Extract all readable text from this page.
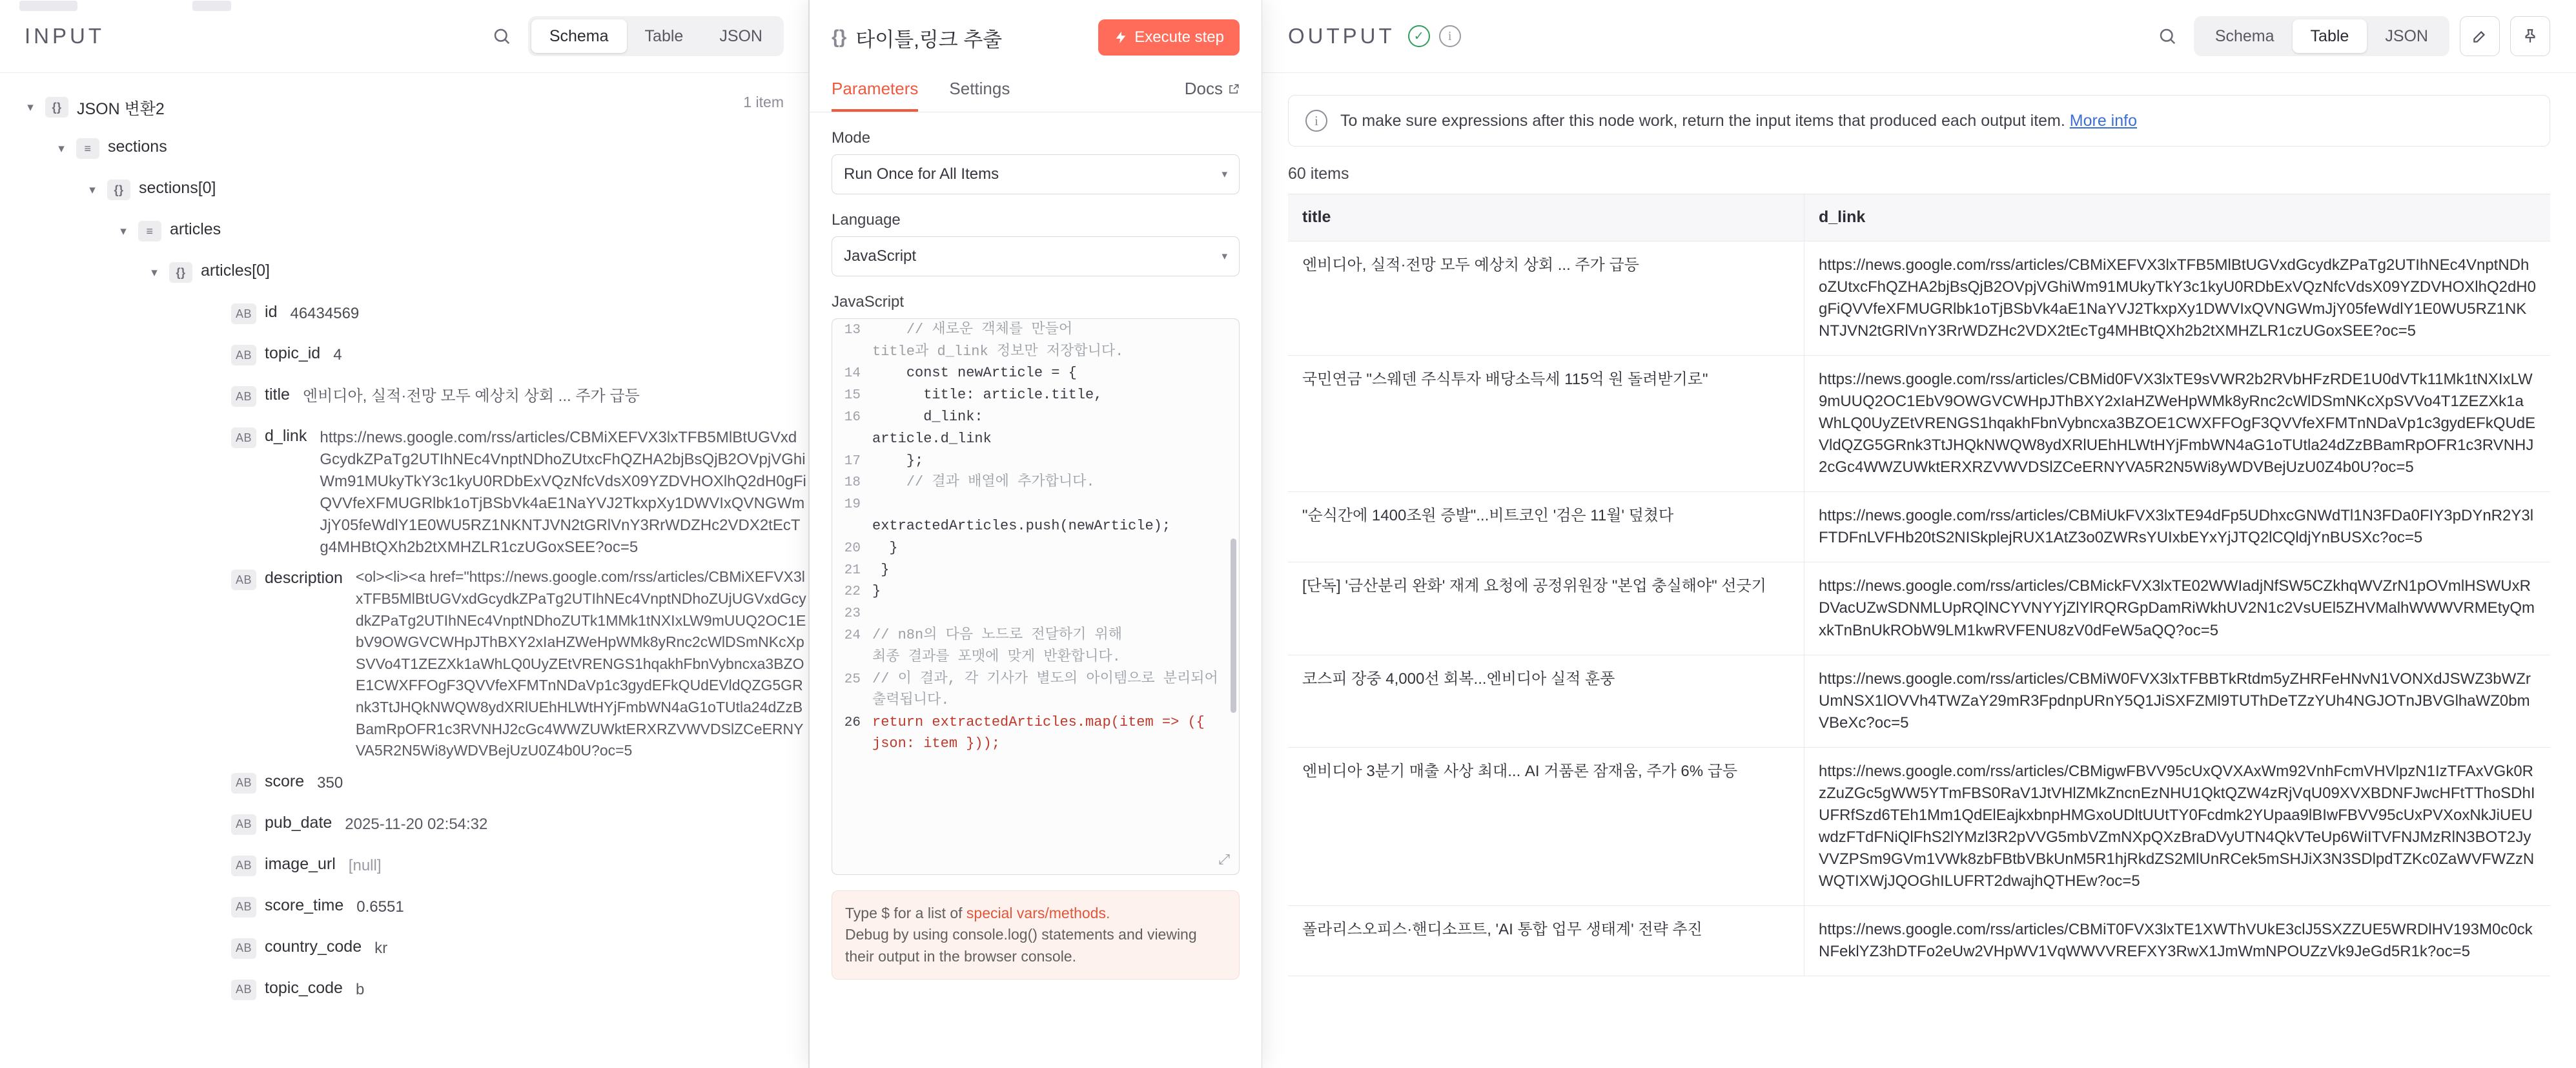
INPUT	Schema	Table	JSON
▾	{} JSON 변환2	1 item
▾	≡	sections
▾	{} sections[0]
▾	≡	articles
▾	{} articles[0]
AB id 46434569
AB topic_id 4
AB title 엔비디아, 실적·전망 모두 예상치 상회 ... 주가 급등
AB d_link https://news.google.com/rss/articles/CBMiXEFVX3lxTFB5MlBtUGVxdGcydkZPaTg2UTIhNEc4VnptNDhoZUtxcFhQZHA2bjBsQjB2OVpjVGhiWm91MUkyTkY3c1kyU0RDbExVQzNfcVdsX09YZDVHOXlhQ2dH0gFiQVVfeXFMUGRlbk1oTjBSbVk4aE1NaYVJ2TkxpXy1DWVIxQVNGWmJjY05feWdlY1E0WU5RZ1NKNTJVN2tGRlVnY3RrWDZHc2VDX2tEcTg4MHBtQXh2b2tXMHZLR1czUGoxSEE?oc=5
AB description <ol><li><a href="https://news.google.com/rss/articles/CBMiXEFVX3lxTFB5MlBtUGVxdGcydkZPaTg2UTIhNEc4VnptNDhoZUjUGVxdGcydkZPaTg2UTIhNEc4VnptNDhoZUTk1MMk1tNXIxLW9mUUQ2OC1EbV9OWGVCWHpJThBXY2xIaHZWeHpWMk8yRnc2cWlDSmNKcXpSVVo4T1ZEZXk1aWhLQ0UyZEtVRENGS1hqakhFbnVybncxa3BZOE1CWXFFOgF3QVVfeXFMTnNDaVp1c3gydEFkQUdEVldQZG5GRnk3TtJHQkNWQW8ydXRlUEhHLWtHYjFmbWN4aG1oTUtla24dZzBBamRpOFR1c3RVNHJ2cGc4WWZUWktERXRZVWVDSlZCeERNYVA5R2N5Wi8yWDVBejUzU0Z4b0U?oc=5
AB score 350
AB pub_date 2025-11-20 02:54:32
AB image_url [null]
AB score_time 0.6551
AB country_code kr
AB topic_code b
{} 타이틀,링크 추출	Execute step
Parameters Settings	Docs
Mode
Run Once for All Items	▾
Language
JavaScript	▾
JavaScript
13 // 새로운 객체를 만들어
title과 d_link 정보만 저장합니다.
14 const newArticle = {
15 title: article.title,
16 d_link:
article.d_link
17 };
18 // 결과 배열에 추가합니다.
19
extractedArticles.push(newArticle);
20 }
21 }
22 }
23
24 // n8n의 다음 노드로 전달하기 위해
최종 결과를 포맷에 맞게 반환합니다.
25 // 이 결과, 각 기사가 별도의 아이템으로 분리되어 출력됩니다.
26 return extractedArticles.map(item => ({ json: item }));
⤢
Type $ for a list of special vars/methods.
Debug by using console.log() statements and viewing their output in the browser console.
OUTPUT	✓	i	Schema	Table	JSON
i	To make sure expressions after this node work, return the input items that produced each output item. More info
60 items
title	d_link
엔비디아, 실적·전망 모두 예상치 상회 ... 주가 급등	https://news.google.com/rss/articles/CBMiXEFVX3lxTFB5MlBtUGVxdGcydkZPaTg2UTIhNEc4VnptNDhoZUtxcFhQZHA2bjBsQjB2OVpjVGhiWm91MUkyTkY3c1kyU0RDbExVQzNfcVdsX09YZDVHOXlhQ2dH0gFiQVVfeXFMUGRlbk1oTjBSbVk4aE1NaYVJ2TkxpXy1DWVIxQVNGWmJjY05feWdlY1E0WU5RZ1NKNTJVN2tGRlVnY3RrWDZHc2VDX2tEcTg4MHBtQXh2b2tXMHZLR1czUGoxSEE?oc=5
국민연금 "스웨덴 주식투자 배당소득세 115억 원 돌려받기로"	https://news.google.com/rss/articles/CBMid0FVX3lxTE9sVWR2b2RVbHFzRDE1U0dVTk11Mk1tNXIxLW9mUUQ2OC1EbV9OWGVCWHpJThBXY2xIaHZWeHpWMk8yRnc2cWlDSmNKcXpSVVo4T1ZEZXk1aWhLQ0UyZEtVRENGS1hqakhFbnVybncxa3BZOE1CWXFFOgF3QVVfeXFMTnNDaVp1c3gydEFkQUdEVldQZG5GRnk3TtJHQkNWQW8ydXRlUEhHLWtHYjFmbWN4aG1oTUtla24dZzBBamRpOFR1c3RVNHJ2cGc4WWZUWktERXRZVWVDSlZCeERNYVA5R2N5Wi8yWDVBejUzU0Z4b0U?oc=5
"순식간에 1400조원 증발"...비트코인 '검은 11월' 덮쳤다	https://news.google.com/rss/articles/CBMiUkFVX3lxTE94dFp5UDhxcGNWdTl1N3FDa0FIY3pDYnR2Y3lFTDFnLVFHb20tS2NISkplejRUX1AtZ3o0ZWRsYUIxbEYxYjJTQ2lCQldjYnBUSXc?oc=5
[단독] '금산분리 완화' 재계 요청에 공정위원장 "본업 충실해야" 선긋기	https://news.google.com/rss/articles/CBMickFVX3lxTE02WWIadjNfSW5CZkhqWVZrN1pOVmlHSWUxRDVacUZwSDNMLUpRQlNCYVNYYjZlYlRQRGpDamRiWkhUV2N1c2VsUEl5ZHVMalhWWWVRMEtyQmxkTnBnUkRObW9LM1kwRVFENU8zV0dFeW5aQQ?oc=5
코스피 장중 4,000선 회복...엔비디아 실적 훈풍	https://news.google.com/rss/articles/CBMiW0FVX3lxTFBBTkRtdm5yZHRFeHNvN1VONXdJSWZ3bWZrUmNSX1lOVVh4TWZaY29mR3FpdnpURnY5Q1JiSXFZMl9TUThDeTZzYUh4NGJOTnJBVGlhaWZ0bmVBeXc?oc=5
엔비디아 3분기 매출 사상 최대... AI 거품론 잠재움, 주가 6% 급등	https://news.google.com/rss/articles/CBMigwFBVV95cUxQVXAxWm92VnhFcmVHVlpzN1IzTFAxVGk0RzZuZGc5gWW5YTmFBS0RaV1JtVHlZMkZncnEzNHU1QktQZW4zRjVqU09XVXBDNFJwcHFtTThoSDhIUFRfSzd6TEh1Mm1QdElEajkxbnpHMGxoUDltUUtTY0Fcdmk2YUpaa9lBIwFBVV95cUxPVXoxNkJiUEUwdzFTdFNiQlFhS2lYMzl3R2pVVG5mbVZmNXpQXzBraDVyUTN4QkVTeUp6WiITVFNJMzRlN3BOT2JyVVZPSm9GVm1VWk8zbFBtbVBkUnM5R1hjRkdZS2MlUnRCek5mSHJiX3N3SDlpdTZKc0ZaWVFWZzNWQTIXWjJQOGhILUFRT2dwajhQTHEw?oc=5
폴라리스오피스·핸디소프트, 'AI 통합 업무 생태계' 전략 추진	https://news.google.com/rss/articles/CBMiT0FVX3lxTE1XWThVUkE3clJ5SXZZUE5WRDlHV193M0c0ckNFeklYZ3hDTFo2eUw2VHpWV1VqWWVVREFXY3RwX1JmWmNPOUZzVk9JeGd5R1k?oc=5
